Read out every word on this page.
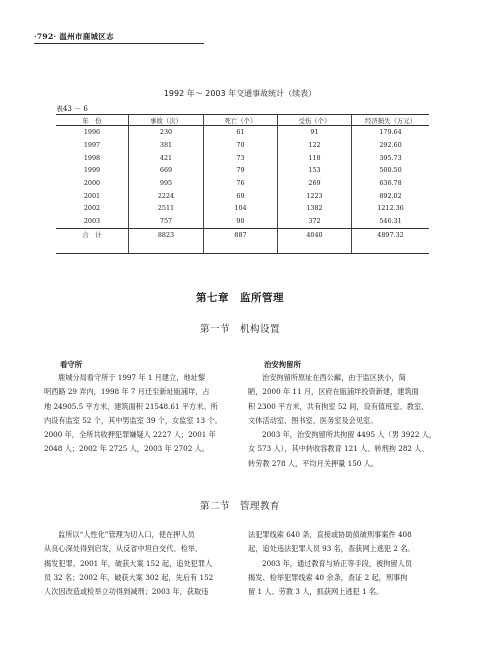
·792· 温州市鹿城区志
1992 年～ 2003 年交通事故统计（续表）
表43 － 6
年　份	事故（次）	死亡（个）	受伤（个）	经济损失（万元）
1996	230	61	91	179.64
1997	381	70	122	292.60
1998	421	73	118	395.73
1999	669	79	153	500.50
2000	995	76	269	636.78
2001	2224	69	1223	892.02
2002	2511	104	1382	1212.36
2003	757	90	372	546.31
合　计	8823	887	4040	4897.32

第七章　监所管理
第一节　机构设置
看守所
鹿城分局看守所于 1997 年 1 月建立，地址黎
明西路 29 弄内，1998 年 7 月迁至新址瓯浦垟，占
地 24905.5 平方米，建筑面积 21548.61 平方米。所
内设有监室 52 个，其中男监室 39 个，女监室 13 个。
2000 年，全所共收押犯罪嫌疑人 2227 人；2001 年
2048 人；2002 年 2725 人，2003 年 2702 人。
治安拘留所
治安拘留所原址在西公廨，由于监区狭小，简
陋，2000 年 11 月，区府在瓯浦垟投资新建，建筑面
积 2300 平方米，共有拘室 52 间，设有值班室、教室、
文体活动室、图书室、医务室及会见室。
2003 年，治安拘留所共拘留 4495 人（男 3922 人，
女 573 人），其中转收容教育 121 人、转刑拘 282 人、
转劳教 278 人，平均月关押量 150 人。
第二节　管理教育
监所以“人性化”管理为切入口，使在押人员
从良心深处得到启发，从反省中坦白交代、检举、
揭发犯罪。2001 年，破获大案 152 起，追处犯罪人
员 32 名；2002 年，破获大案 302 起，先后有 152
人次因改造或检举立功得到减刑；2003 年，获取违
法犯罪线索 640 条，直接或协助侦破刑事案件 408
起，追处违法犯罪人员 93 名，查获网上逃犯 2 名。
2003 年，通过教育与矫正等手段，被拘留人员
揭发、检举犯罪线索 40 余条，查证 2 起，刑事拘
留 1 人、劳教 3 人，抓获网上逃犯 1 名。
